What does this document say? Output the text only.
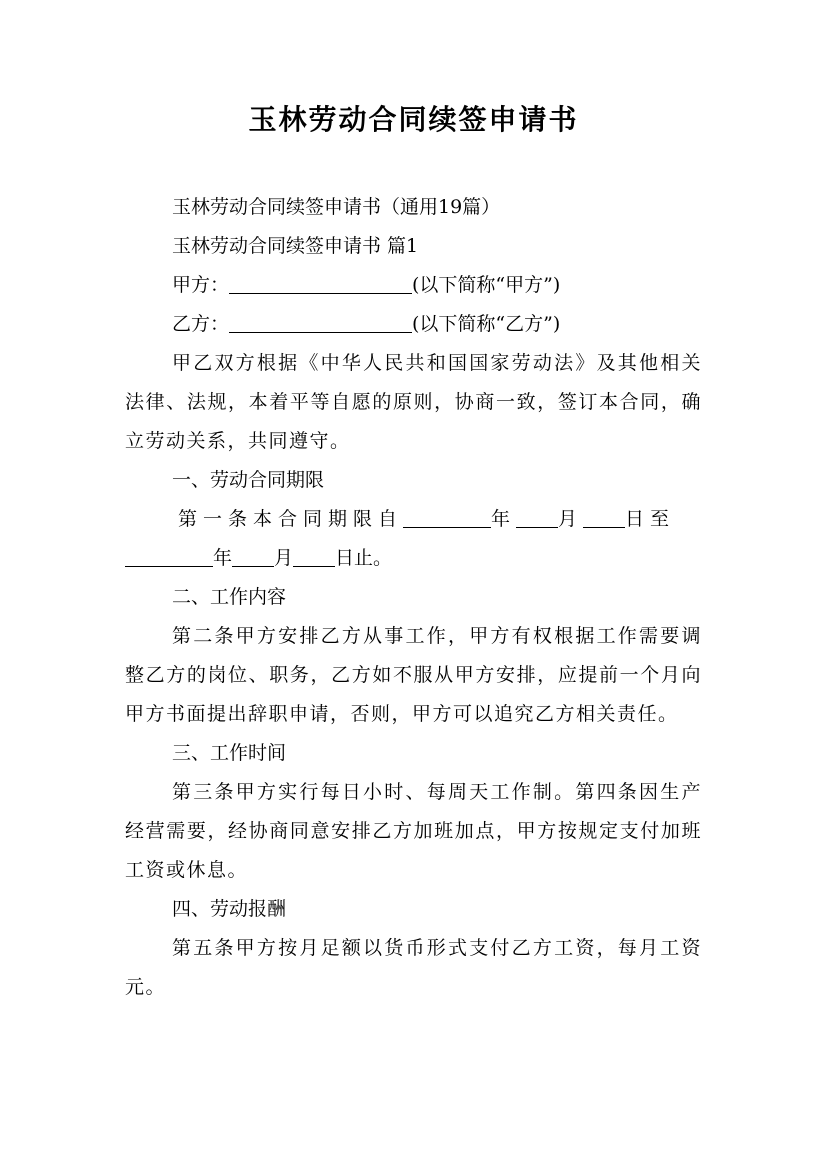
玉林劳动合同续签申请书
玉林劳动合同续签申请书（通用19篇）
玉林劳动合同续签申请书 篇1
甲方：	(以下简称“甲方”)
乙方：	(以下简称“乙方”)
甲乙双方根据《中华人民共和国国家劳动法》及其他相关法律、法规，本着平等自愿的原则，协商一致，签订本合同，确立劳动关系，共同遵守。
一、劳动合同期限
第一条本合同期限自	年 月 日至
年 月 日止。
二、工作内容
第二条甲方安排乙方从事工作，甲方有权根据工作需要调整乙方的岗位、职务，乙方如不服从甲方安排，应提前一个月向甲方书面提出辞职申请，否则，甲方可以追究乙方相关责任。
三、工作时间
第三条甲方实行每日小时、每周天工作制。第四条因生产经营需要，经协商同意安排乙方加班加点，甲方按规定支付加班工资或休息。
四、劳动报酬
第五条甲方按月足额以货币形式支付乙方工资，每月工资元。
